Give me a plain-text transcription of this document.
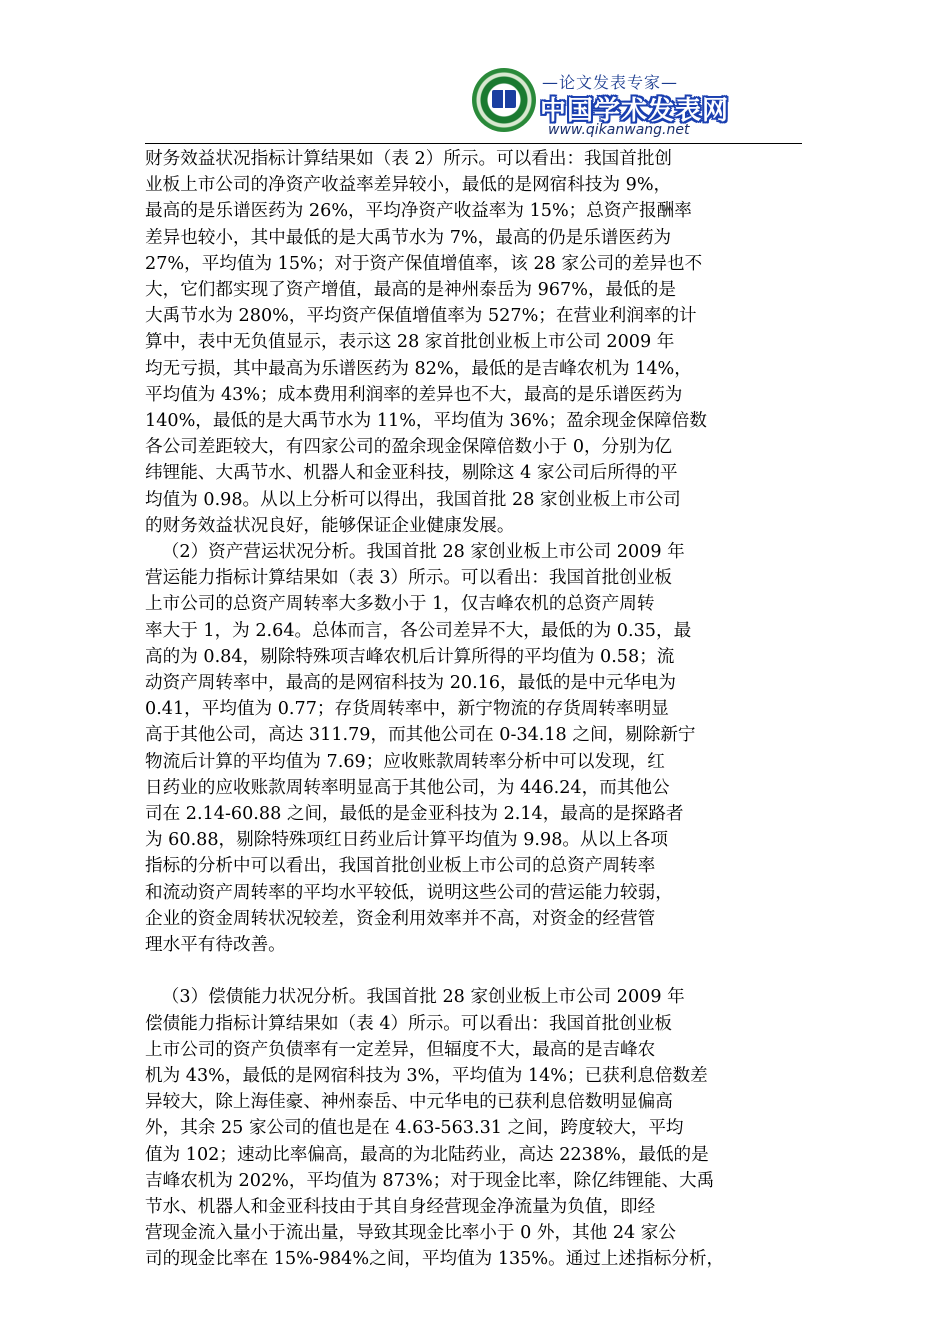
—论文发表专家—
中国学术发表网
www.qikanwang.net

财务效益状况指标计算结果如（表 2）所示。可以看出：我国首批创

业板上市公司的净资产收益率差异较小，最低的是网宿科技为 9%，

最高的是乐谱医药为 26%，平均净资产收益率为 15%；总资产报酬率

差异也较小，其中最低的是大禹节水为 7%，最高的仍是乐谱医药为

27%，平均值为 15%；对于资产保值增值率，该 28 家公司的差异也不

大，它们都实现了资产增值，最高的是神州泰岳为 967%，最低的是

大禹节水为 280%，平均资产保值增值率为 527%；在营业利润率的计

算中，表中无负值显示，表示这 28 家首批创业板上市公司 2009 年

均无亏损，其中最高为乐谱医药为 82%，最低的是吉峰农机为 14%，

平均值为 43%；成本费用利润率的差异也不大，最高的是乐谱医药为

140%，最低的是大禹节水为 11%，平均值为 36%；盈余现金保障倍数

各公司差距较大，有四家公司的盈余现金保障倍数小于 0，分别为亿

纬锂能、大禹节水、机器人和金亚科技，剔除这 4 家公司后所得的平

均值为 0.98。从以上分析可以得出，我国首批 28 家创业板上市公司

的财务效益状况良好，能够保证企业健康发展。

（2）资产营运状况分析。我国首批 28 家创业板上市公司 2009 年

营运能力指标计算结果如（表 3）所示。可以看出：我国首批创业板

上市公司的总资产周转率大多数小于 1，仅吉峰农机的总资产周转

率大于 1，为 2.64。总体而言，各公司差异不大，最低的为 0.35，最

高的为 0.84，剔除特殊项吉峰农机后计算所得的平均值为 0.58；流

动资产周转率中，最高的是网宿科技为 20.16，最低的是中元华电为

0.41，平均值为 0.77；存货周转率中，新宁物流的存货周转率明显

高于其他公司，高达 311.79，而其他公司在 0-34.18 之间，剔除新宁

物流后计算的平均值为 7.69；应收账款周转率分析中可以发现，红

日药业的应收账款周转率明显高于其他公司，为 446.24，而其他公

司在 2.14-60.88 之间，最低的是金亚科技为 2.14，最高的是探路者

为 60.88，剔除特殊项红日药业后计算平均值为 9.98。从以上各项

指标的分析中可以看出，我国首批创业板上市公司的总资产周转率

和流动资产周转率的平均水平较低，说明这些公司的营运能力较弱，

企业的资金周转状况较差，资金利用效率并不高，对资金的经营管

理水平有待改善。

（3）偿债能力状况分析。我国首批 28 家创业板上市公司 2009 年

偿债能力指标计算结果如（表 4）所示。可以看出：我国首批创业板

上市公司的资产负债率有一定差异，但辐度不大，最高的是吉峰农

机为 43%，最低的是网宿科技为 3%，平均值为 14%；已获利息倍数差

异较大，除上海佳豪、神州泰岳、中元华电的已获利息倍数明显偏高

外，其余 25 家公司的值也是在 4.63-563.31 之间，跨度较大，平均

值为 102；速动比率偏高，最高的为北陆药业，高达 2238%，最低的是

吉峰农机为 202%，平均值为 873%；对于现金比率，除亿纬锂能、大禹

节水、机器人和金亚科技由于其自身经营现金净流量为负值，即经

营现金流入量小于流出量，导致其现金比率小于 0 外，其他 24 家公

司的现金比率在 15%-984%之间，平均值为 135%。通过上述指标分析，
